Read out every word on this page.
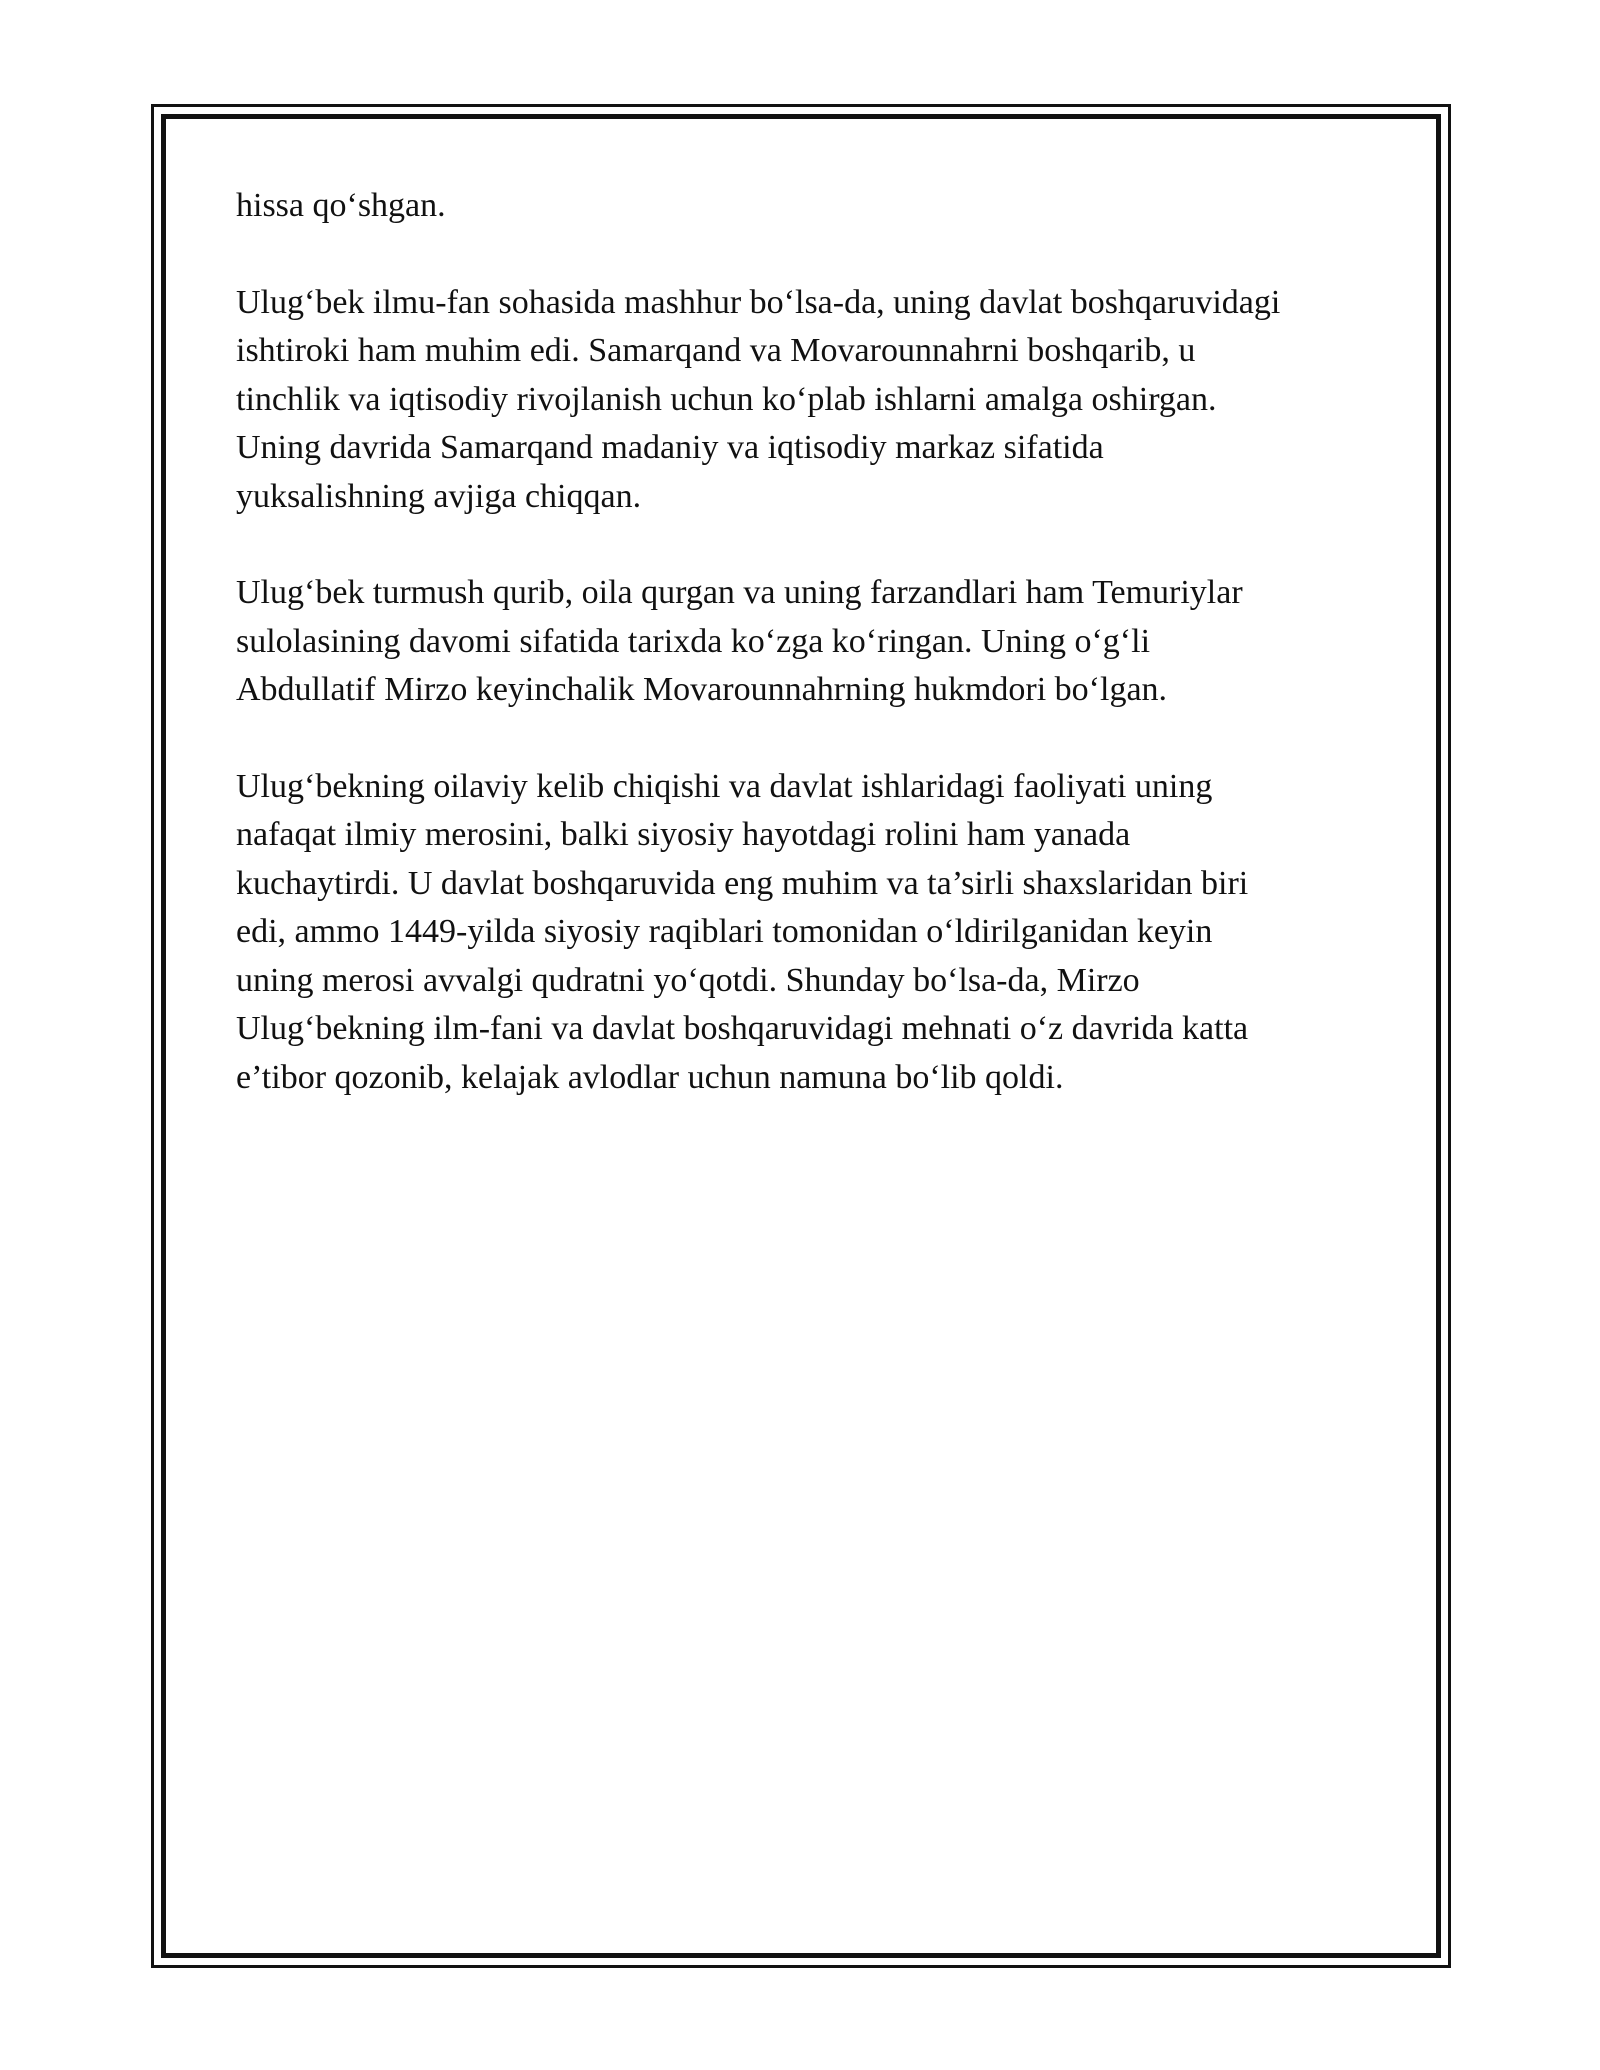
hissa qo‘shgan.

Ulug‘bek ilmu-fan sohasida mashhur bo‘lsa-da, uning davlat boshqaruvidagi
ishtiroki ham muhim edi. Samarqand va Movarounnahrni boshqarib, u
tinchlik va iqtisodiy rivojlanish uchun ko‘plab ishlarni amalga oshirgan.
Uning davrida Samarqand madaniy va iqtisodiy markaz sifatida
yuksalishning avjiga chiqqan.

Ulug‘bek turmush qurib, oila qurgan va uning farzandlari ham Temuriylar
sulolasining davomi sifatida tarixda ko‘zga ko‘ringan. Uning o‘g‘li
Abdullatif Mirzo keyinchalik Movarounnahrning hukmdori bo‘lgan.

Ulug‘bekning oilaviy kelib chiqishi va davlat ishlaridagi faoliyati uning
nafaqat ilmiy merosini, balki siyosiy hayotdagi rolini ham yanada
kuchaytirdi. U davlat boshqaruvida eng muhim va ta’sirli shaxslaridan biri
edi, ammo 1449-yilda siyosiy raqiblari tomonidan o‘ldirilganidan keyin
uning merosi avvalgi qudratni yo‘qotdi. Shunday bo‘lsa-da, Mirzo
Ulug‘bekning ilm-fani va davlat boshqaruvidagi mehnati o‘z davrida katta
e’tibor qozonib, kelajak avlodlar uchun namuna bo‘lib qoldi.
